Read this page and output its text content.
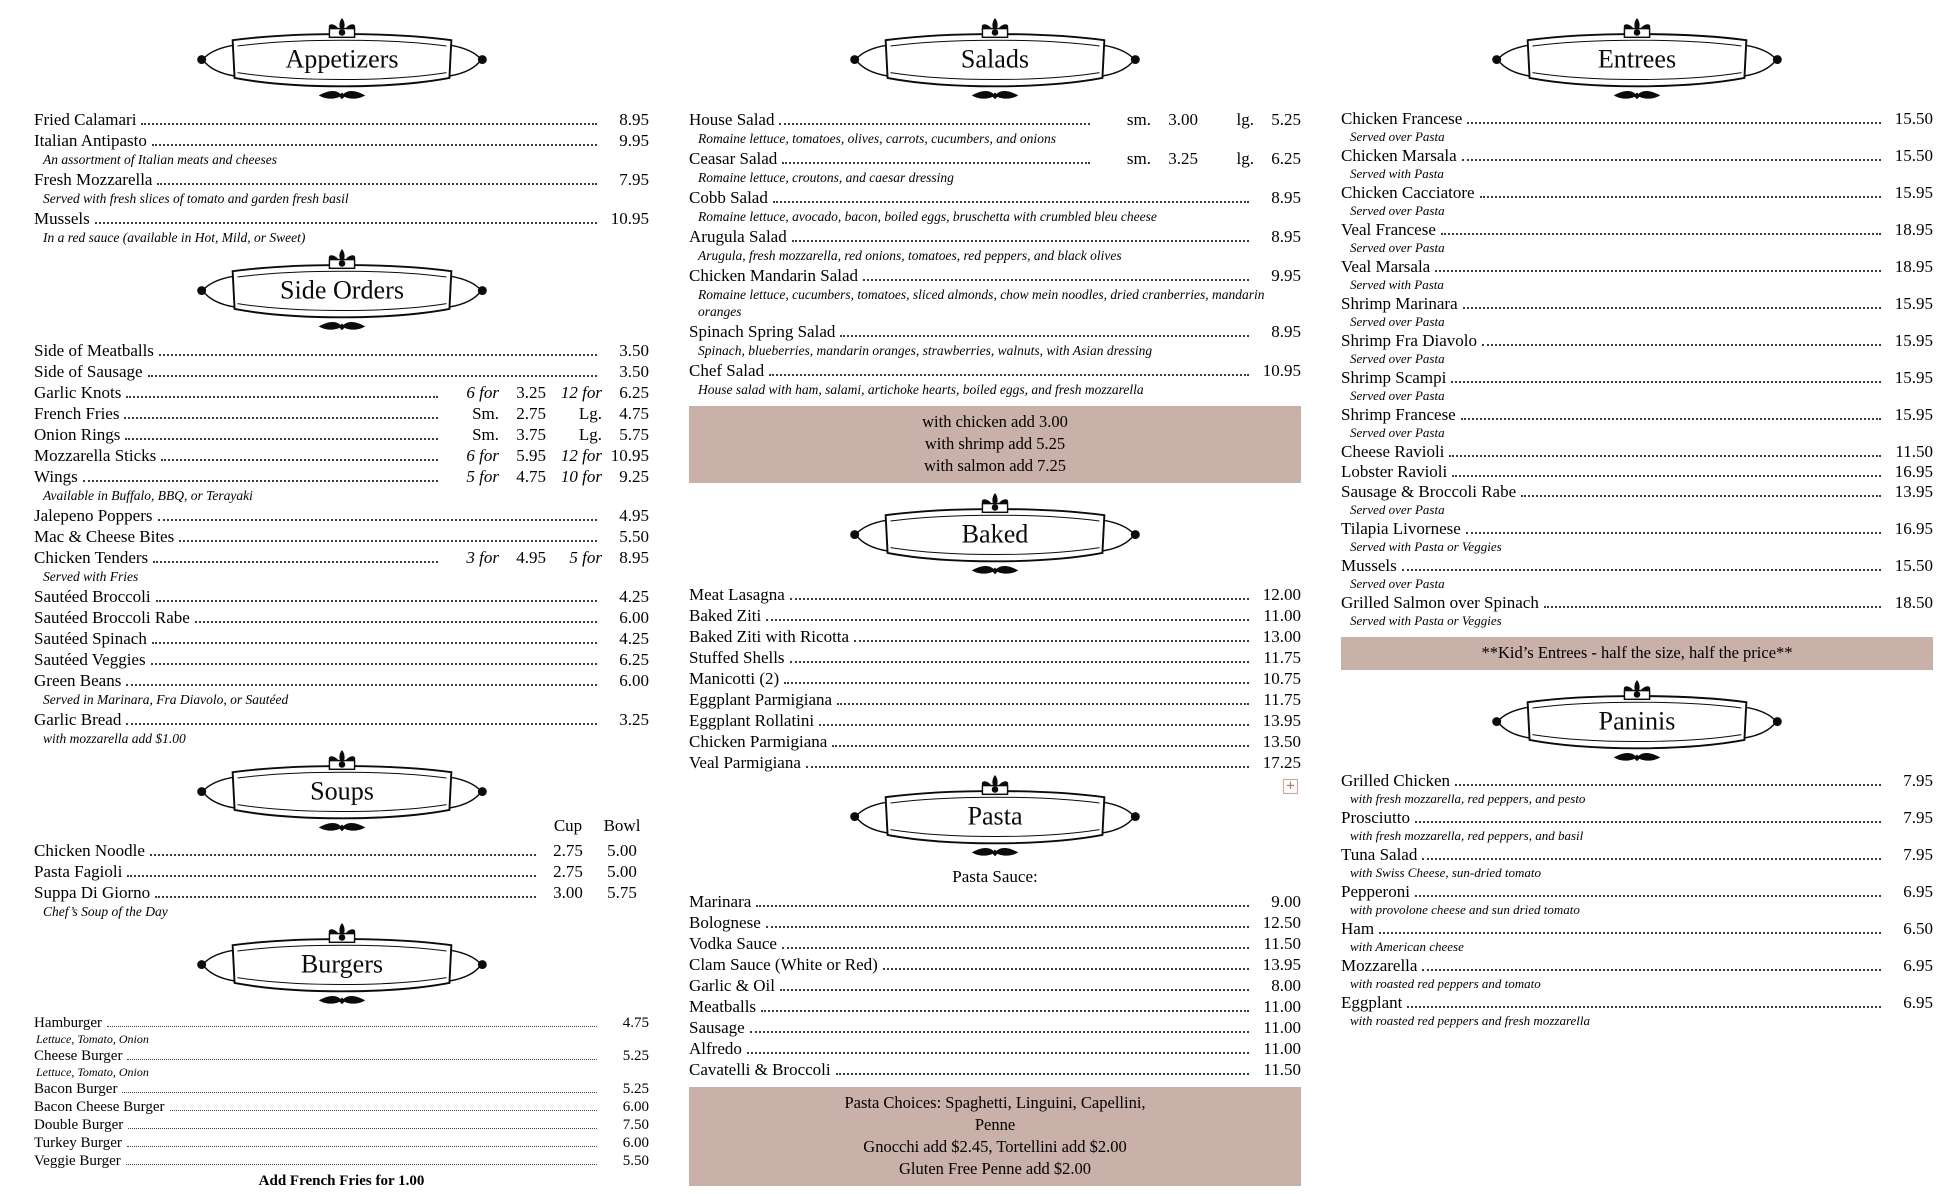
Appetizers
Fried Calamari	8.95
Italian Antipasto	9.95
An assortment of Italian meats and cheeses
Fresh Mozzarella	7.95
Served with fresh slices of tomato and garden fresh basil
Mussels	10.95
In a red sauce (available in Hot, Mild, or Sweet)
Side Orders
Side of Meatballs	3.50
Side of Sausage	3.50
Garlic Knots	6 for	3.25 12 for	6.25
French Fries	Sm.	2.75	Lg.	4.75
Onion Rings	Sm.	3.75	Lg.	5.75
Mozzarella Sticks	6 for	5.95 12 for 10.95
Wings	5 for	4.75 10 for	9.25
Available in Buffalo, BBQ, or Terayaki
Jalepeno Poppers	4.95
Mac & Cheese Bites	5.50
Chicken Tenders	3 for	4.95	5 for	8.95
Served with Fries
Sautéed Broccoli	4.25
Sautéed Broccoli Rabe	6.00
Sautéed Spinach	4.25
Sautéed Veggies	6.25
Green Beans	6.00
Served in Marinara, Fra Diavolo, or Sautéed
Garlic Bread	3.25
with mozzarella add $1.00
Soups
Cup	Bowl
Chicken Noodle	2.75	5.00
Pasta Fagioli	2.75	5.00
Suppa Di Giorno	3.00	5.75
Chef’s Soup of the Day
Burgers
Hamburger	4.75
Lettuce, Tomato, Onion
Cheese Burger	5.25
Lettuce, Tomato, Onion
Bacon Burger	5.25
Bacon Cheese Burger	6.00
Double Burger	7.50
Turkey Burger	6.00
Veggie Burger	5.50
Add French Fries for 1.00
Salads
House Salad	sm.	3.00	lg.	5.25
Romaine lettuce, tomatoes, olives, carrots, cucumbers, and onions
Ceasar Salad	sm.	3.25	lg.	6.25
Romaine lettuce, croutons, and caesar dressing
Cobb Salad	8.95
Romaine lettuce, avocado, bacon, boiled eggs, bruschetta with crumbled bleu cheese
Arugula Salad	8.95
Arugula, fresh mozzarella, red onions, tomatoes, red peppers, and black olives
Chicken Mandarin Salad	9.95
Romaine lettuce, cucumbers, tomatoes, sliced almonds, chow mein noodles, dried cranberries, mandarin oranges
Spinach Spring Salad	8.95
Spinach, blueberries, mandarin oranges, strawberries, walnuts, with Asian dressing
Chef Salad	10.95
House salad with ham, salami, artichoke hearts, boiled eggs, and fresh mozzarella
with chicken add 3.00
with shrimp add 5.25
with salmon add 7.25
Baked
Meat Lasagna	12.00
Baked Ziti	11.00
Baked Ziti with Ricotta	13.00
Stuffed Shells	11.75
Manicotti (2)	10.75
Eggplant Parmigiana	11.75
Eggplant Rollatini	13.95
Chicken Parmigiana	13.50
Veal Parmigiana	17.25
Pasta
Pasta Sauce:
Marinara	9.00
Bolognese	12.50
Vodka Sauce	11.50
Clam Sauce (White or Red)	13.95
Garlic & Oil	8.00
Meatballs	11.00
Sausage	11.00
Alfredo	11.00
Cavatelli & Broccoli	11.50
Pasta Choices: Spaghetti, Linguini, Capellini,
Penne
Gnocchi add $2.45, Tortellini add $2.00
Gluten Free Penne add $2.00
Entrees
Chicken Francese	15.50
Served over Pasta
Chicken Marsala	15.50
Served with Pasta
Chicken Cacciatore	15.95
Served over Pasta
Veal Francese	18.95
Served over Pasta
Veal Marsala	18.95
Served with Pasta
Shrimp Marinara	15.95
Served over Pasta
Shrimp Fra Diavolo	15.95
Served over Pasta
Shrimp Scampi	15.95
Served over Pasta
Shrimp Francese	15.95
Served over Pasta
Cheese Ravioli	11.50
Lobster Ravioli	16.95
Sausage & Broccoli Rabe	13.95
Served over Pasta
Tilapia Livornese	16.95
Served with Pasta or Veggies
Mussels	15.50
Served over Pasta
Grilled Salmon over Spinach	18.50
Served with Pasta or Veggies
**Kid’s Entrees - half the size, half the price**
Paninis
Grilled Chicken	7.95
with fresh mozzarella, red peppers, and pesto
Prosciutto	7.95
with fresh mozzarella, red peppers, and basil
Tuna Salad	7.95
with Swiss Cheese, sun-dried tomato
Pepperoni	6.95
with provolone cheese and sun dried tomato
Ham	6.50
with American cheese
Mozzarella	6.95
with roasted red peppers and tomato
Eggplant	6.95
with roasted red peppers and fresh mozzarella
+
